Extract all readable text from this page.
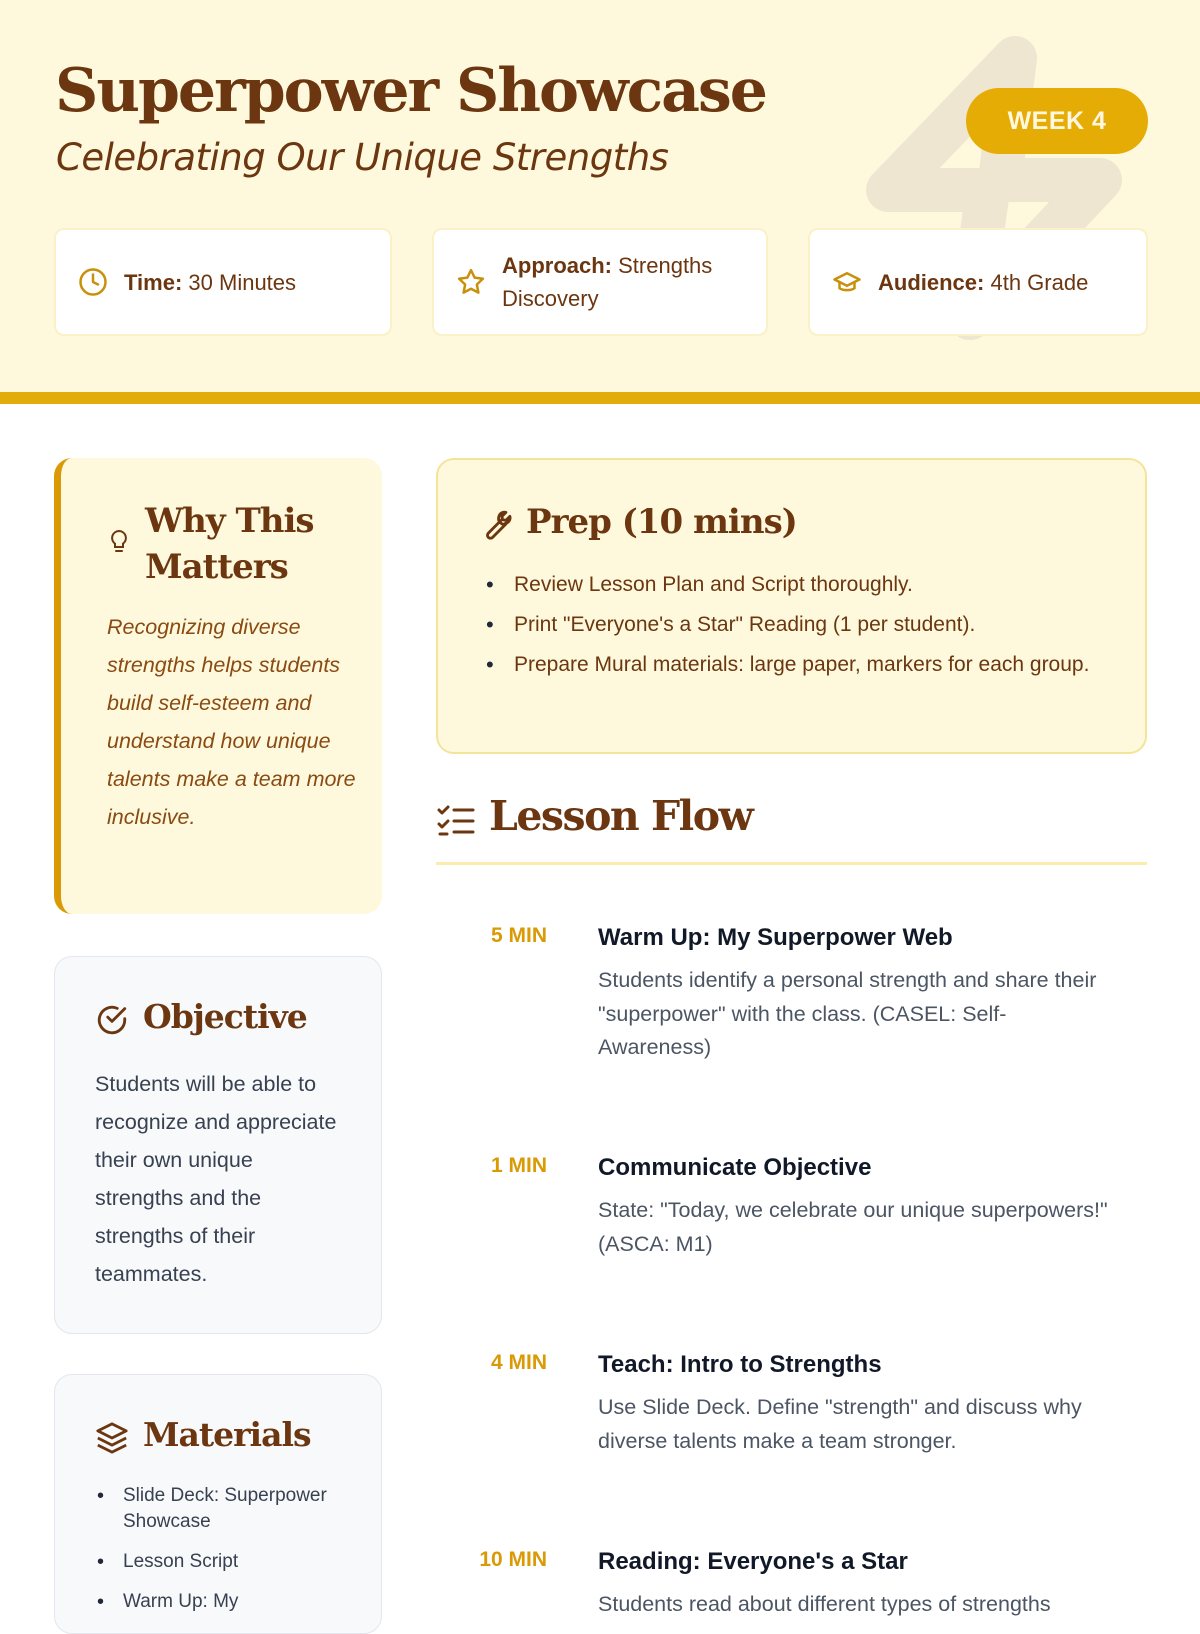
Superpower Showcase
Celebrating Our Unique Strengths
WEEK 4
Time: 30 Minutes
Approach: Strengths Discovery
Audience: 4th Grade
Why This Matters

Recognizing diverse strengths helps students build self-esteem and understand how unique talents make a team more inclusive.

Objective

Students will be able to recognize and appreciate their own unique strengths and the strengths of their teammates.

Materials
• Slide Deck: Superpower Showcase
• Lesson Script
• Warm Up: My
Prep (10 mins)
• Review Lesson Plan and Script thoroughly.
• Print "Everyone's a Star" Reading (1 per student).
• Prepare Mural materials: large paper, markers for each group.
Lesson Flow
5 MIN Warm Up: My Superpower Web

Students identify a personal strength and share their "superpower" with the class. (CASEL: Self-Awareness)

1 MIN Communicate Objective

State: "Today, we celebrate our unique superpowers!" (ASCA: M1)

4 MIN Teach: Intro to Strengths

Use Slide Deck. Define "strength" and discuss why diverse talents make a team stronger.

10 MIN Reading: Everyone's a Star

Students read about different types of strengths
